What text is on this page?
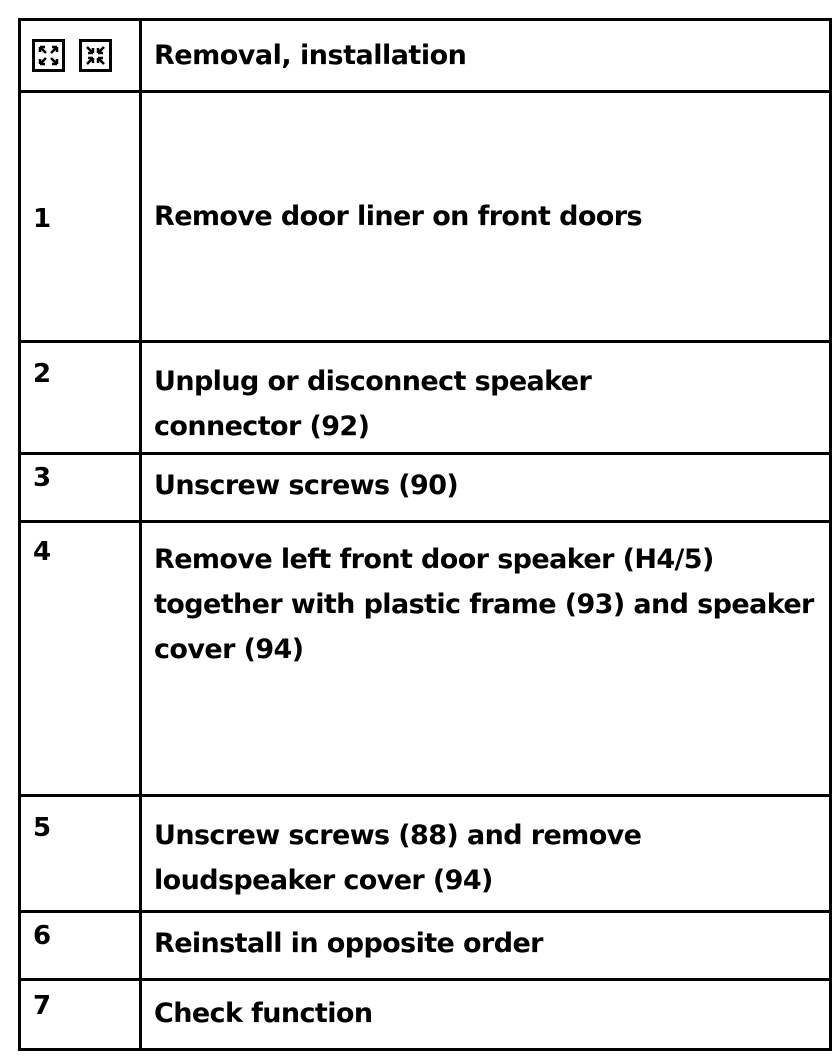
	Removal, installation
1	Remove door liner on front doors
2	Unplug or disconnect speaker connector (92)
3	Unscrew screws (90)
4	Remove left front door speaker (H4/5) together with plastic frame (93) and speaker cover (94)
5	Unscrew screws (88) and remove loudspeaker cover (94)
6	Reinstall in opposite order
7	Check function
